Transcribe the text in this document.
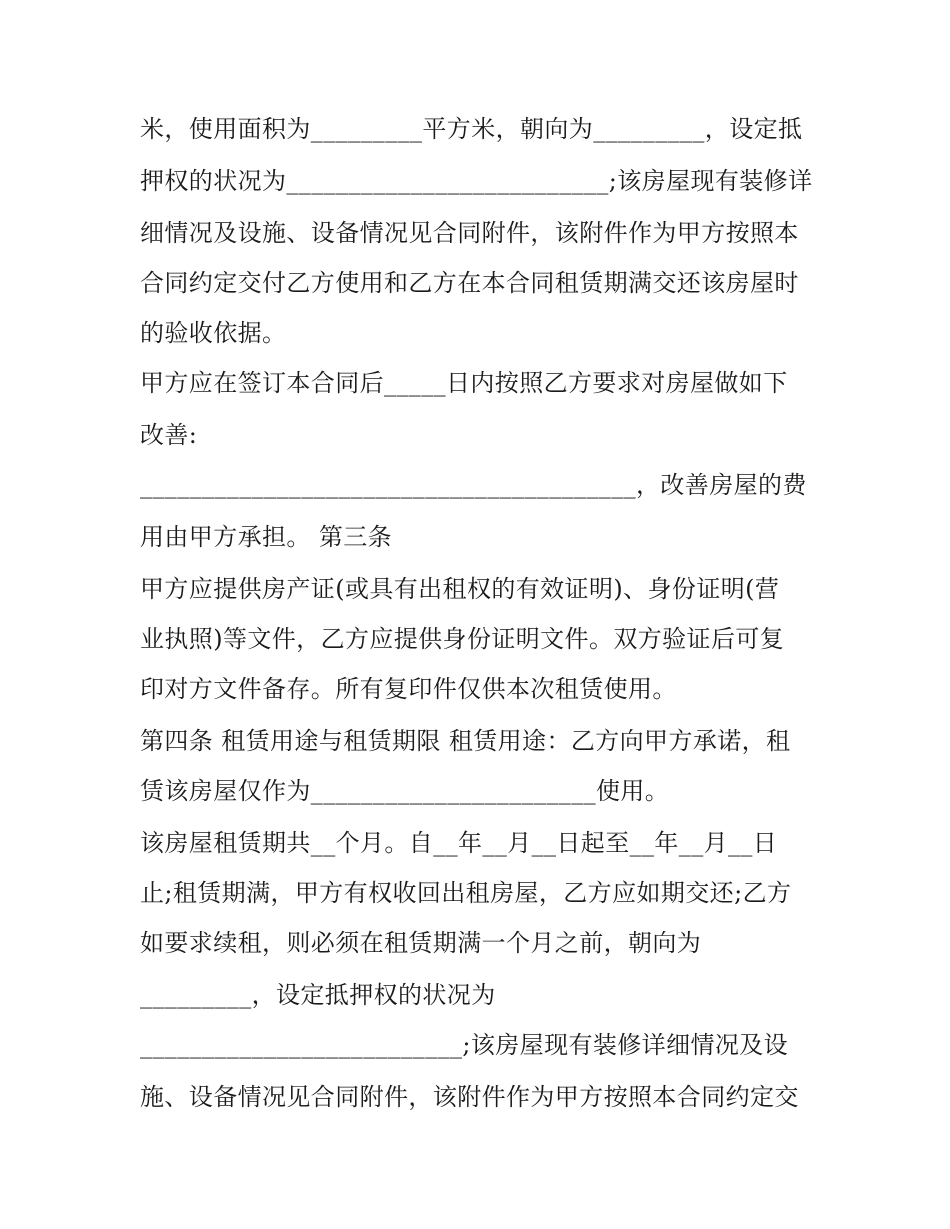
米，使用面积为_________平方米，朝向为_________，设定抵
押权的状况为__________________________;该房屋现有装修详
细情况及设施、设备情况见合同附件，该附件作为甲方按照本
合同约定交付乙方使用和乙方在本合同租赁期满交还该房屋时
的验收依据。
甲方应在签订本合同后_____日内按照乙方要求对房屋做如下
改善:
________________________________________，改善房屋的费
用由甲方承担。 第三条
甲方应提供房产证(或具有出租权的有效证明)、身份证明(营
业执照)等文件，乙方应提供身份证明文件。双方验证后可复
印对方文件备存。所有复印件仅供本次租赁使用。
第四条 租赁用途与租赁期限 租赁用途：乙方向甲方承诺，租
赁该房屋仅作为_______________________使用。
该房屋租赁期共__个月。自__年__月__日起至__年__月__日
止;租赁期满，甲方有权收回出租房屋，乙方应如期交还;乙方
如要求续租，则必须在租赁期满一个月之前，朝向为
_________，设定抵押权的状况为
__________________________;该房屋现有装修详细情况及设
施、设备情况见合同附件，该附件作为甲方按照本合同约定交
